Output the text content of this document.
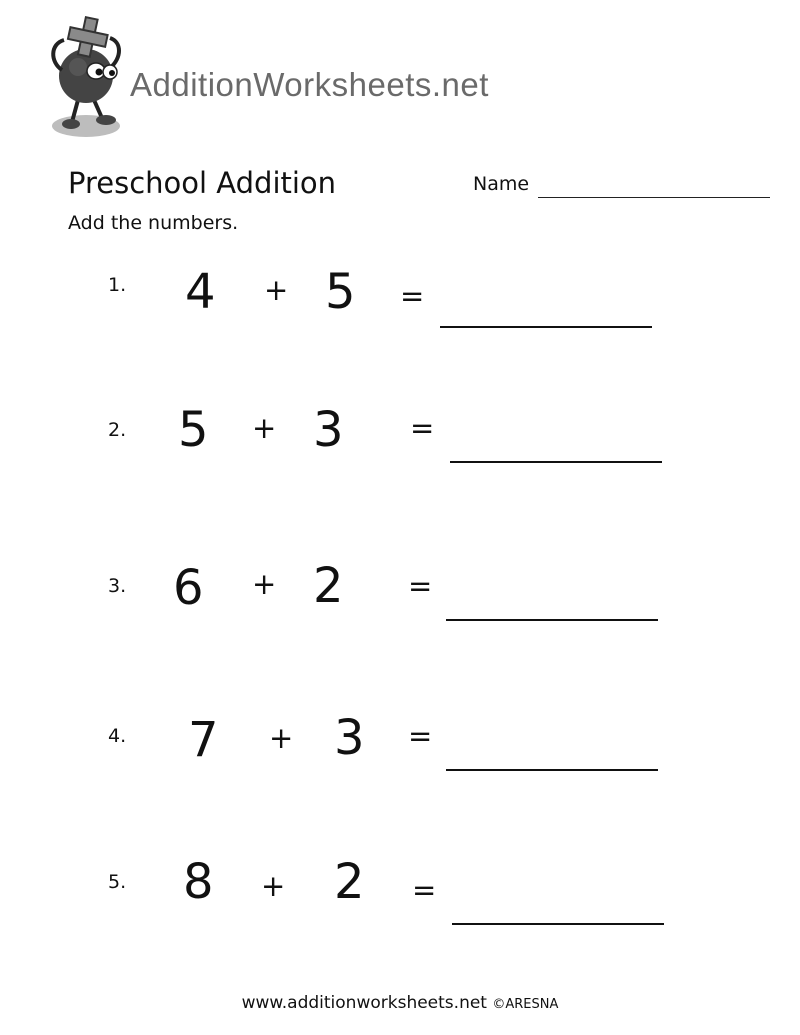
AdditionWorksheets.net
Preschool Addition	Name
Add the numbers.
1. 4 + 5 =
2. 5 + 3 =
3. 6 + 2 =
4. 7 + 3 =
5. 8 + 2 =
www.additionworksheets.net ©ARESNA
